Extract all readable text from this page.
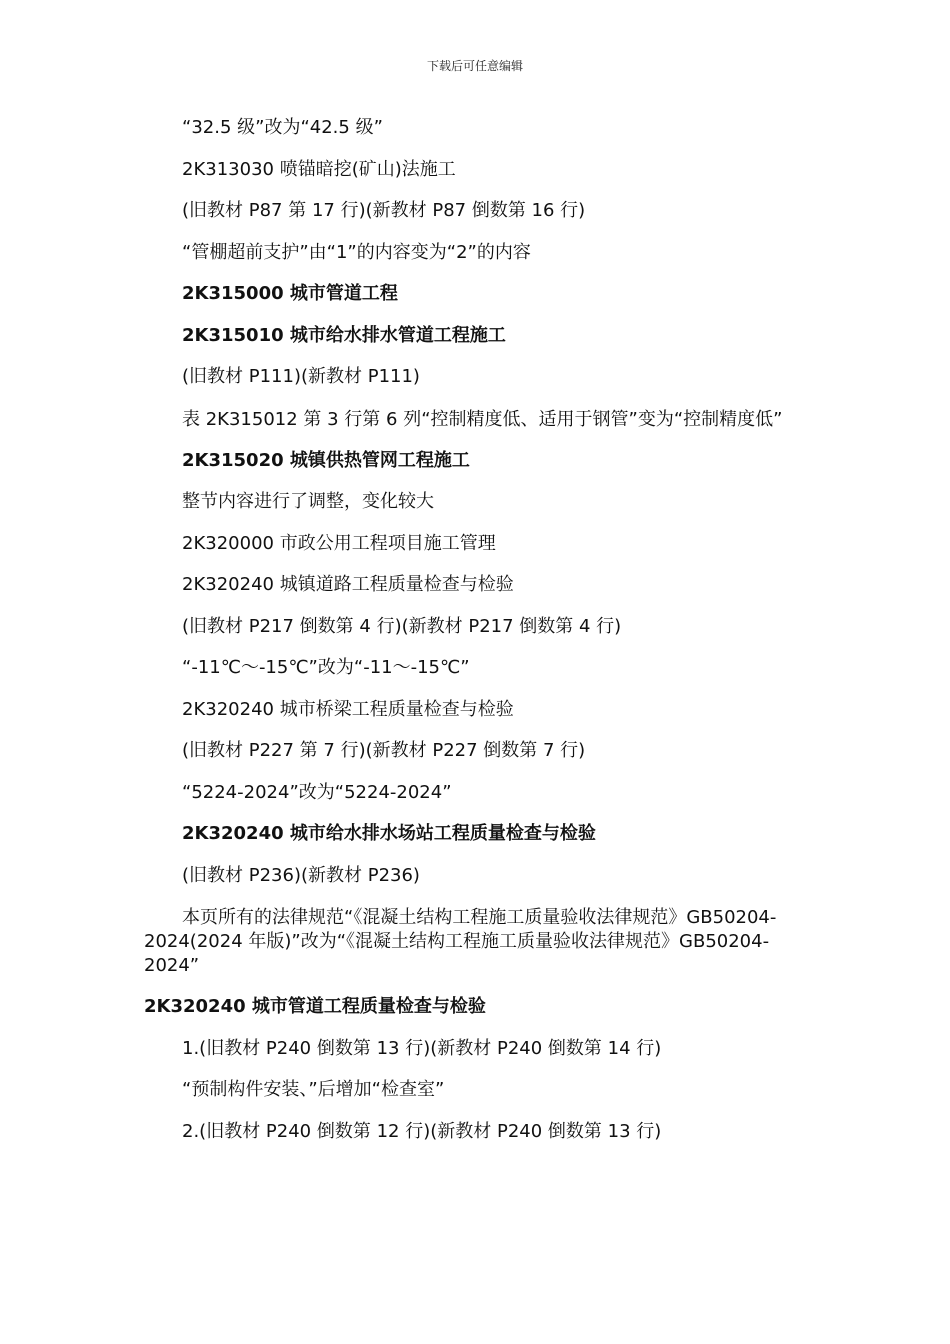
下载后可任意编辑

“32.5 级”改为“42.5 级”

2K313030 喷锚暗挖(矿山)法施工

(旧教材 P87 第 17 行)(新教材 P87 倒数第 16 行)

“管棚超前支护”由“1”的内容变为“2”的内容

2K315000 城市管道工程

2K315010 城市给水排水管道工程施工

(旧教材 P111)(新教材 P111)

表 2K315012 第 3 行第 6 列“控制精度低、适用于钢管”变为“控制精度低”

2K315020 城镇供热管网工程施工

整节内容进行了调整，变化较大

2K320000 市政公用工程项目施工管理

2K320240 城镇道路工程质量检查与检验

(旧教材 P217 倒数第 4 行)(新教材 P217 倒数第 4 行)

“-11℃～-15℃”改为“-11～-15℃”

2K320240 城市桥梁工程质量检查与检验

(旧教材 P227 第 7 行)(新教材 P227 倒数第 7 行)

“5224-2024”改为“5224-2024”

2K320240 城市给水排水场站工程质量检查与检验

(旧教材 P236)(新教材 P236)

本页所有的法律规范“《混凝土结构工程施工质量验收法律规范》GB50204-2024(2024 年版)”改为“《混凝土结构工程施工质量验收法律规范》GB50204-2024”

2K320240 城市管道工程质量检查与检验

1.(旧教材 P240 倒数第 13 行)(新教材 P240 倒数第 14 行)

“预制构件安装、”后增加“检查室”

2.(旧教材 P240 倒数第 12 行)(新教材 P240 倒数第 13 行)
